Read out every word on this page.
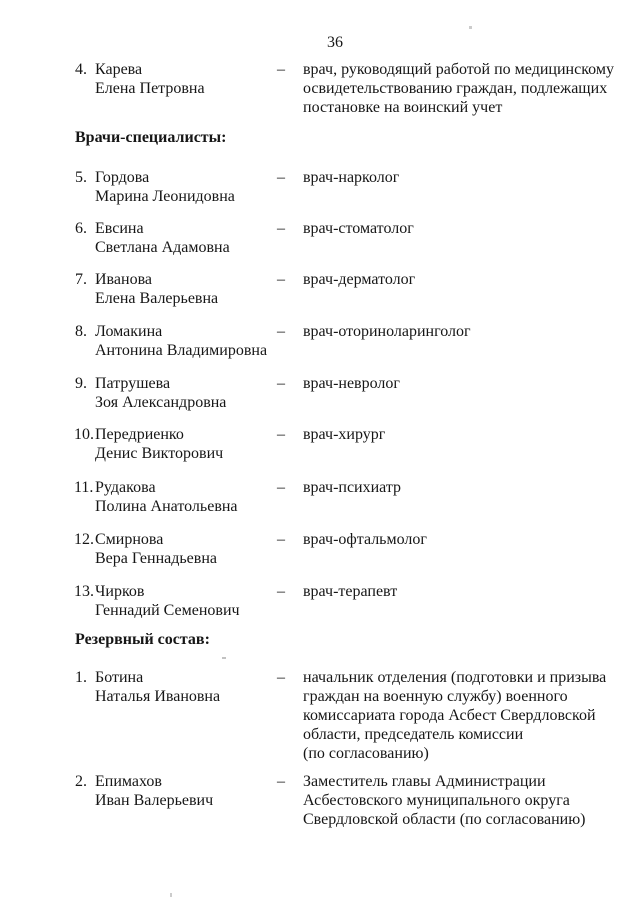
36
4. Карева
Елена Петровна
– врач, руководящий работой по медицинскому
освидетельствованию граждан, подлежащих
постановке на воинский учет
Врачи-специалисты:
5. Гордова
Марина Леонидовна
– врач-нарколог
6. Евсина
Светлана Адамовна
– врач-стоматолог
7. Иванова
Елена Валерьевна
– врач-дерматолог
8. Ломакина
Антонина Владимировна
– врач-оториноларинголог
9. Патрушева
Зоя Александровна
– врач-невролог
10. Передриенко
Денис Викторович
– врач-хирург
11. Рудакова
Полина Анатольевна
– врач-психиатр
12. Смирнова
Вера Геннадьевна
– врач-офтальмолог
13. Чирков
Геннадий Семенович
– врач-терапевт
Резервный состав:
1. Ботина
Наталья Ивановна
– начальник отделения (подготовки и призыва
граждан на военную службу) военного
комиссариата города Асбест Свердловской
области, председатель комиссии
(по согласованию)
2. Епимахов
Иван Валерьевич
– Заместитель главы Администрации
Асбестовского муниципального округа
Свердловской области (по согласованию)
